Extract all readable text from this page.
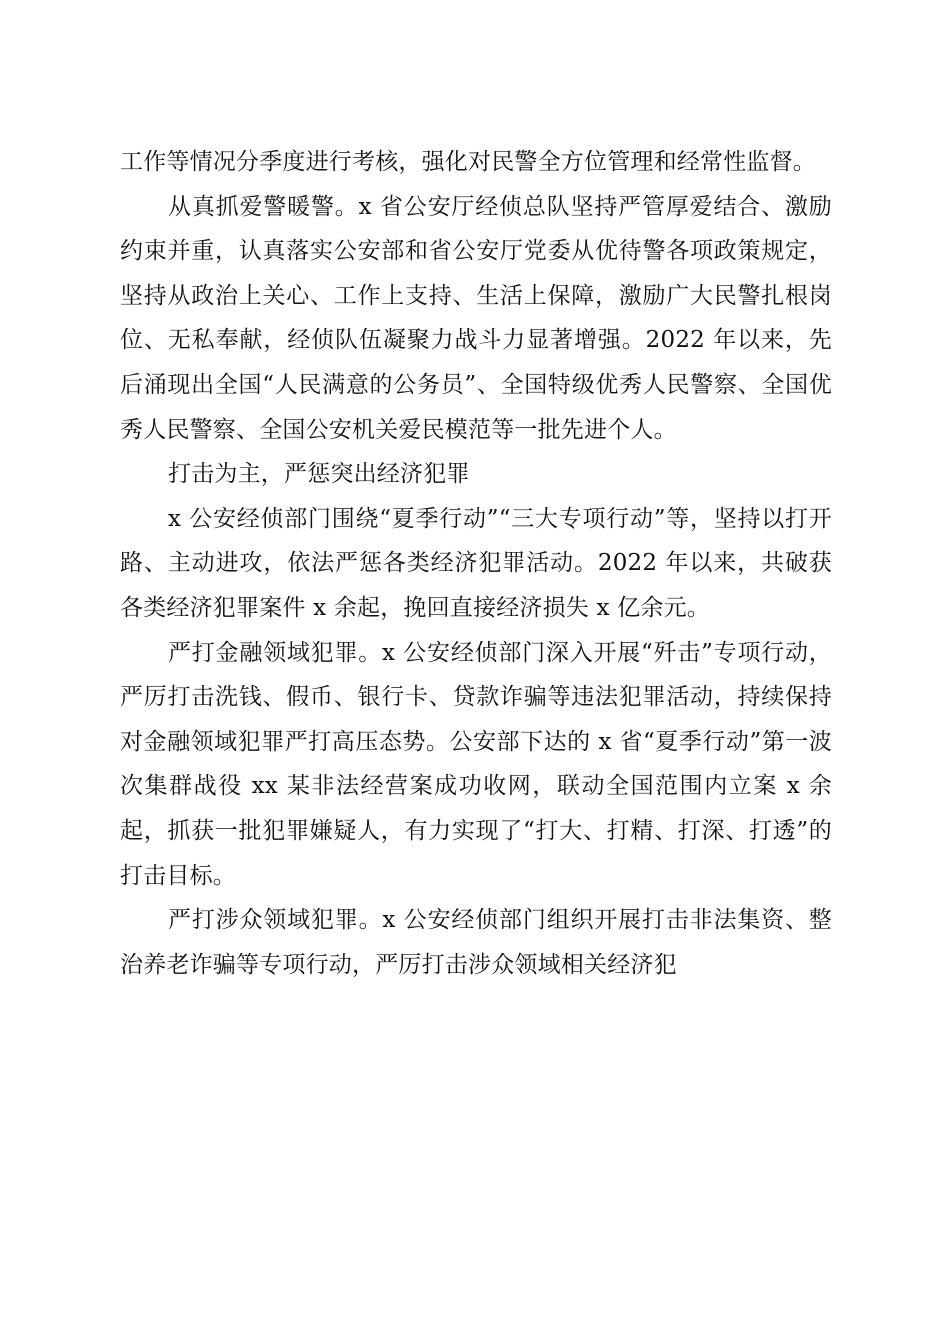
工作等情况分季度进行考核，强化对民警全方位管理和经常性监督。

从真抓爱警暖警。x 省公安厅经侦总队坚持严管厚爱结合、激励约束并重，认真落实公安部和省公安厅党委从优待警各项政策规定，坚持从政治上关心、工作上支持、生活上保障，激励广大民警扎根岗位、无私奉献，经侦队伍凝聚力战斗力显著增强。2022 年以来，先后涌现出全国“人民满意的公务员”、全国特级优秀人民警察、全国优秀人民警察、全国公安机关爱民模范等一批先进个人。

打击为主，严惩突出经济犯罪

x 公安经侦部门围绕“夏季行动”“三大专项行动”等，坚持以打开路、主动进攻，依法严惩各类经济犯罪活动。2022 年以来，共破获各类经济犯罪案件 x 余起，挽回直接经济损失 x 亿余元。

严打金融领域犯罪。x 公安经侦部门深入开展“歼击”专项行动，严厉打击洗钱、假币、银行卡、贷款诈骗等违法犯罪活动，持续保持对金融领域犯罪严打高压态势。公安部下达的 x 省“夏季行动”第一波次集群战役 xx 某非法经营案成功收网，联动全国范围内立案 x 余起，抓获一批犯罪嫌疑人，有力实现了“打大、打精、打深、打透”的打击目标。

严打涉众领域犯罪。x 公安经侦部门组织开展打击非法集资、整治养老诈骗等专项行动，严厉打击涉众领域相关经济犯
